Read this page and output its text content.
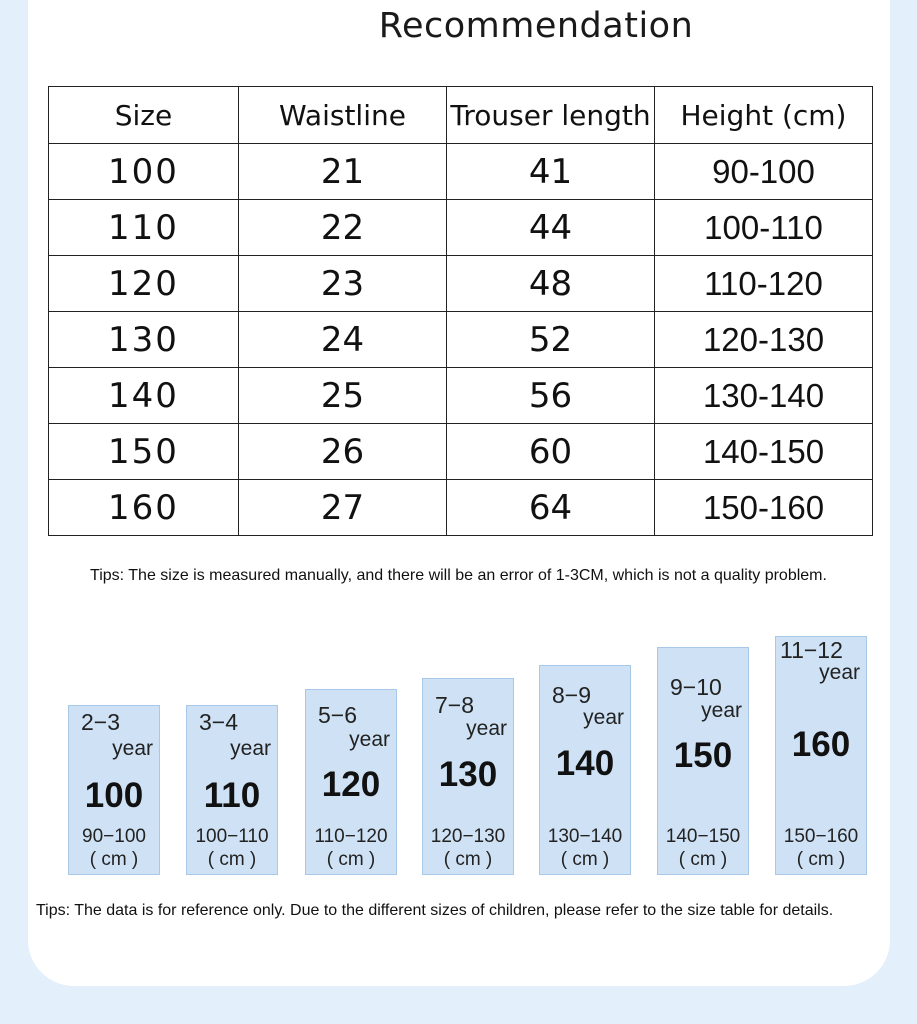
Recommendation
Size	Waistline	Trouser length	Height (cm)
100	21	41	90-100
110	22	44	100-110
120	23	48	110-120
130	24	52	120-130
140	25	56	130-140
150	26	60	140-150
160	27	64	150-160
Tips: The size is measured manually, and there will be an error of 1-3CM, which is not a quality problem.
2−3
year
100
90−100
( cm )
3−4
year
110
100−110
( cm )
5−6
year
120
110−120
( cm )
7−8
year
130
120−130
( cm )
8−9
year
140
130−140
( cm )
9−10
year
150
140−150
( cm )
11−12
year
160
150−160
( cm )
Tips: The data is for reference only. Due to the different sizes of children, please refer to the size table for details.
